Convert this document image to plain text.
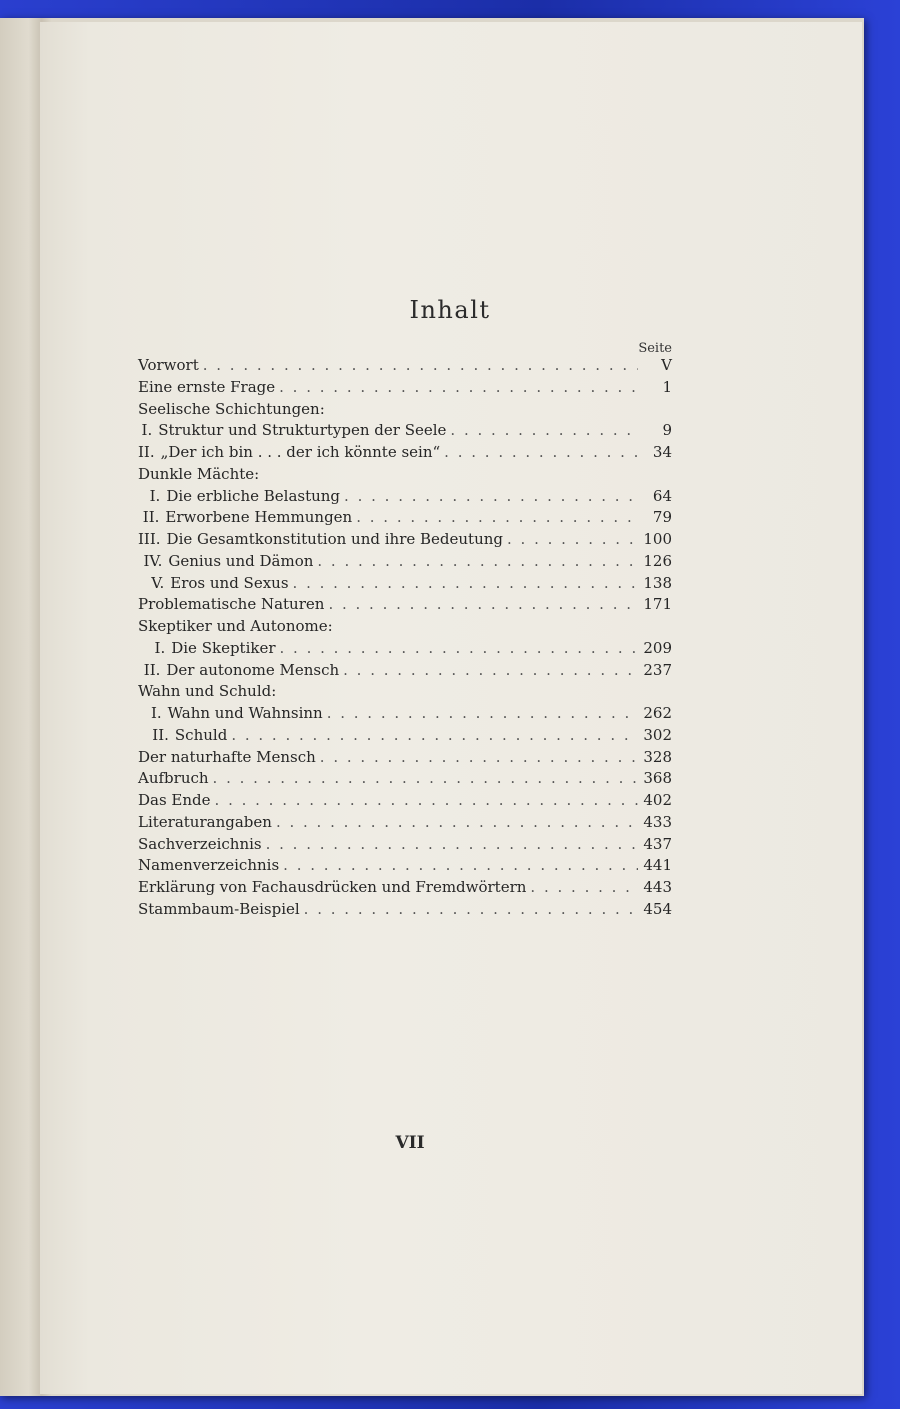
Inhalt
Seite
Vorwort . . .	V
Eine ernste Frage . . .	1
Seelische Schichtungen:
I. Struktur und Strukturtypen der Seele . . .	9
II. „Der ich bin . . . der ich könnte sein“ . . .	34
Dunkle Mächte:
I. Die erbliche Belastung . . .	64
II. Erworbene Hemmungen . . .	79
III. Die Gesamtkonstitution und ihre Bedeutung . . .	100
IV. Genius und Dämon . . .	126
V. Eros und Sexus . . .	138
Problematische Naturen . . .	171
Skeptiker und Autonome:
I. Die Skeptiker . . .	209
II. Der autonome Mensch . . .	237
Wahn und Schuld:
I. Wahn und Wahnsinn . . .	262
II. Schuld . . .	302
Der naturhafte Mensch . . .	328
Aufbruch . . .	368
Das Ende . . .	402
Literaturangaben . . .	433
Sachverzeichnis . . .	437
Namenverzeichnis . . .	441
Erklärung von Fachausdrücken und Fremdwörtern . . .	443
Stammbaum-Beispiel . . .	454
VII
